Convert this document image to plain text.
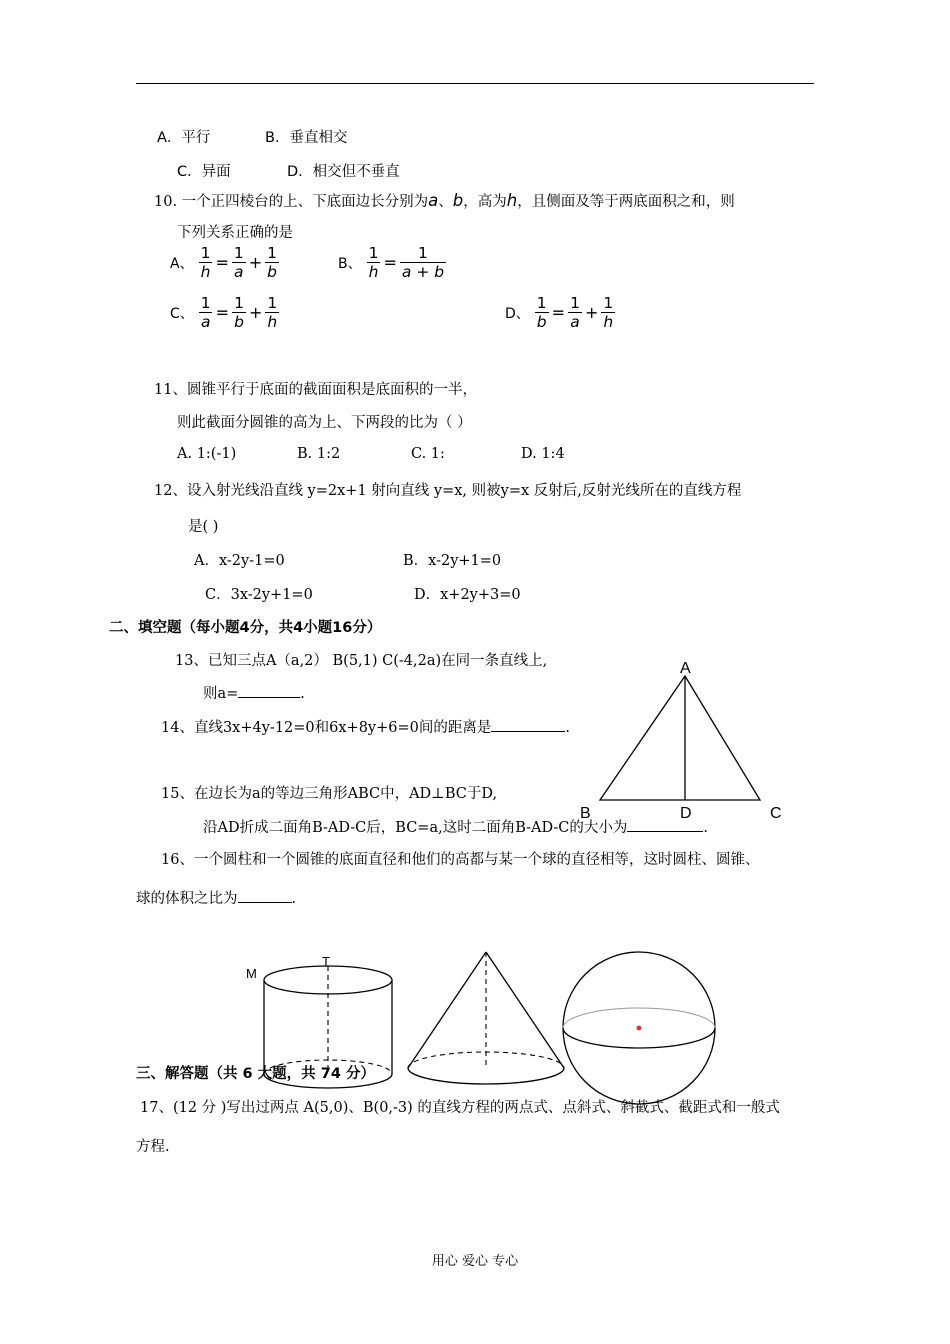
A．平行	B．垂直相交
C．异面	D．相交但不垂直
10. 一个正四棱台的上、下底面边长分别为a、b，高为h，且侧面及等于两底面积之和，则
下列关系正确的是
A、 $\frac{1}{h} = \frac{1}{a} + \frac{1}{b}$	B、 $\frac{1}{h} = \frac{1}{a + b}$
C、 $\frac{1}{a} = \frac{1}{b} + \frac{1}{h}$	D、 $\frac{1}{b} = \frac{1}{a} + \frac{1}{h}$
11、圆锥平行于底面的截面面积是底面积的一半，
则此截面分圆锥的高为上、下两段的比为（ ）
A. 1:(-1)	B. 1:2	C. 1:	D. 1:4
12、设入射光线沿直线 y=2x+1 射向直线 y=x, 则被y=x 反射后,反射光线所在的直线方程
是( )
A．x-2y-1=0	B．x-2y+1=0
C．3x-2y+1=0	D．x+2y+3=0
二、填空题（每小题4分，共4小题16分）
13、已知三点A（a,2） B(5,1) C(-4,2a)在同一条直线上,
则a=	.
14、直线3x+4y-12=0和6x+8y+6=0间的距离是	.
15、在边长为a的等边三角形ABC中，AD⊥BC于D,
沿AD折成二面角B-AD-C后，BC=a,这时二面角B-AD-C的大小为	.
16、一个圆柱和一个圆锥的底面直径和他们的高都与某一个球的直径相等，这时圆柱、圆锥、
球的体积之比为	.
A
B	D	C
M
T
三、解答题（共 6 大题，共 74 分）
17、(12 分 )写出过两点 A(5,0)、B(0,-3) 的直线方程的两点式、点斜式、斜截式、截距式和一般式
方程.
用心 爱心 专心
